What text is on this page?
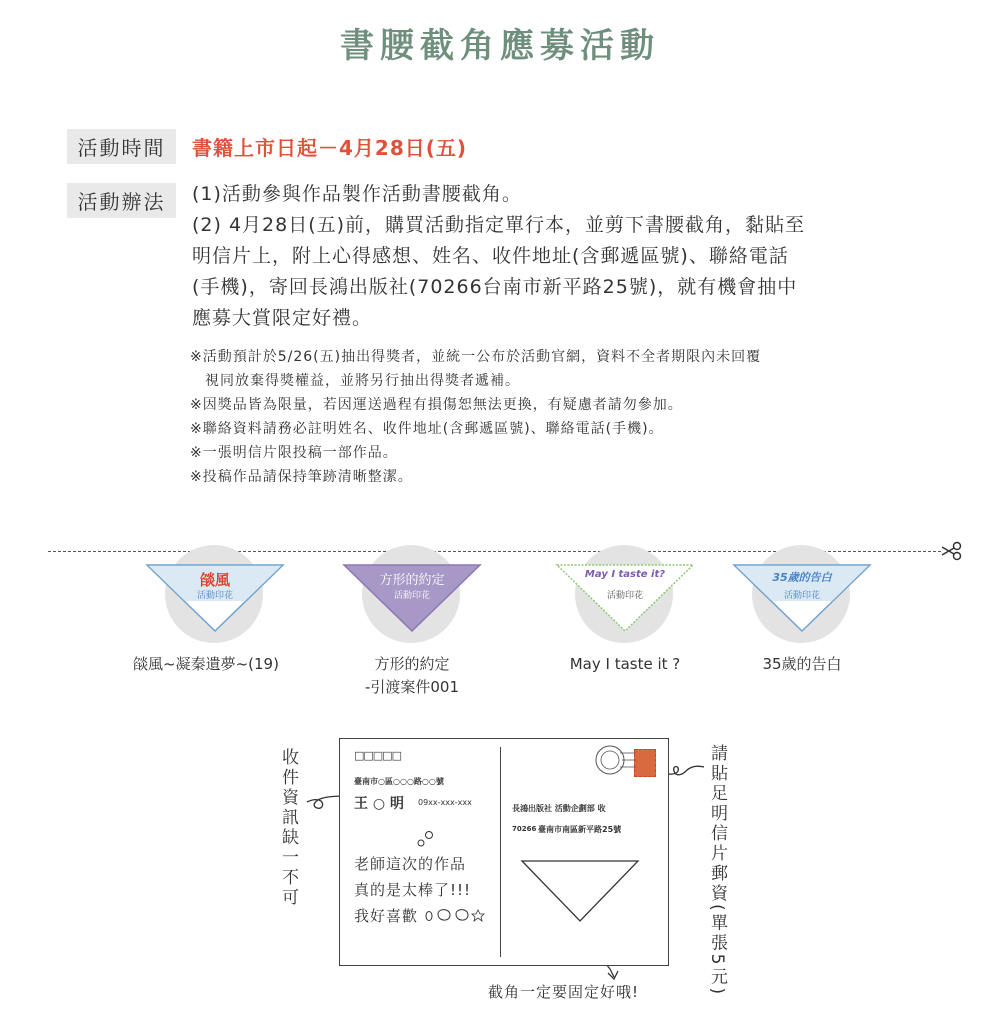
書腰截角應募活動
活動時間	書籍上市日起－4月28日(五)
活動辦法	(1)活動參與作品製作活動書腰截角。
(2) 4月28日(五)前，購買活動指定單行本，並剪下書腰截角，黏貼至
明信片上，附上心得感想、姓名、收件地址(含郵遞區號)、聯絡電話
(手機)，寄回長鴻出版社(70266台南市新平路25號)，就有機會抽中
應募大賞限定好禮。
※活動預計於5/26(五)抽出得獎者，並統一公布於活動官網，資料不全者期限內未回覆
　視同放棄得獎權益，並將另行抽出得獎者遞補。
※因獎品皆為限量，若因運送過程有損傷恕無法更換，有疑慮者請勿參加。
※聯絡資料請務必註明姓名、收件地址(含郵遞區號)、聯絡電話(手機)。
※一張明信片限投稿一部作品。
※投稿作品請保持筆跡清晰整潔。
燄風
活動印花
燄風~凝秦遺夢~(19)
方形的約定
活動印花
方形的約定
-引渡案件001
May I taste it?
活動印花
May I taste it ?
35歲的告白
活動印花
35歲的告白
收件資訊缺一不可	請貼足明信片郵資(單張5元)
□□□□□
臺南市○區○○○路○○號
王 ○ 明 09xx-xxx-xxx
老師這次的作品
真的是太棒了!!!
我好喜歡
長鴻出版社 活動企劃部 收
70266 臺南市南區新平路25號
截角一定要固定好哦!
